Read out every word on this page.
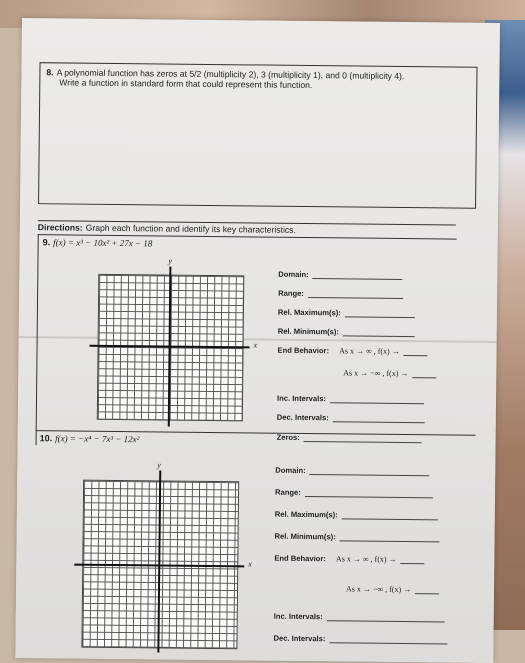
8. A polynomial function has zeros at 5/2 (multiplicity 2), 3 (multiplicity 1), and 0 (multiplicity 4).
Write a function in standard form that could represent this function.
Directions: Graph each function and identify its key characteristics.
9. f(x) = x³ − 10x² + 27x − 18
y
x
Domain:
Range:
Rel. Maximum(s):
Rel. Minimum(s):
End Behavior: As x → ∞ , f(x) →
As x → −∞ , f(x) →
Inc. Intervals:
Dec. Intervals:
Zeros:
10. f(x) = −x⁴ − 7x³ − 12x²
y
x
Domain:
Range:
Rel. Maximum(s):
Rel. Minimum(s):
End Behavior: As x → ∞ , f(x) →
As x → −∞ , f(x) →
Inc. Intervals:
Dec. Intervals:
